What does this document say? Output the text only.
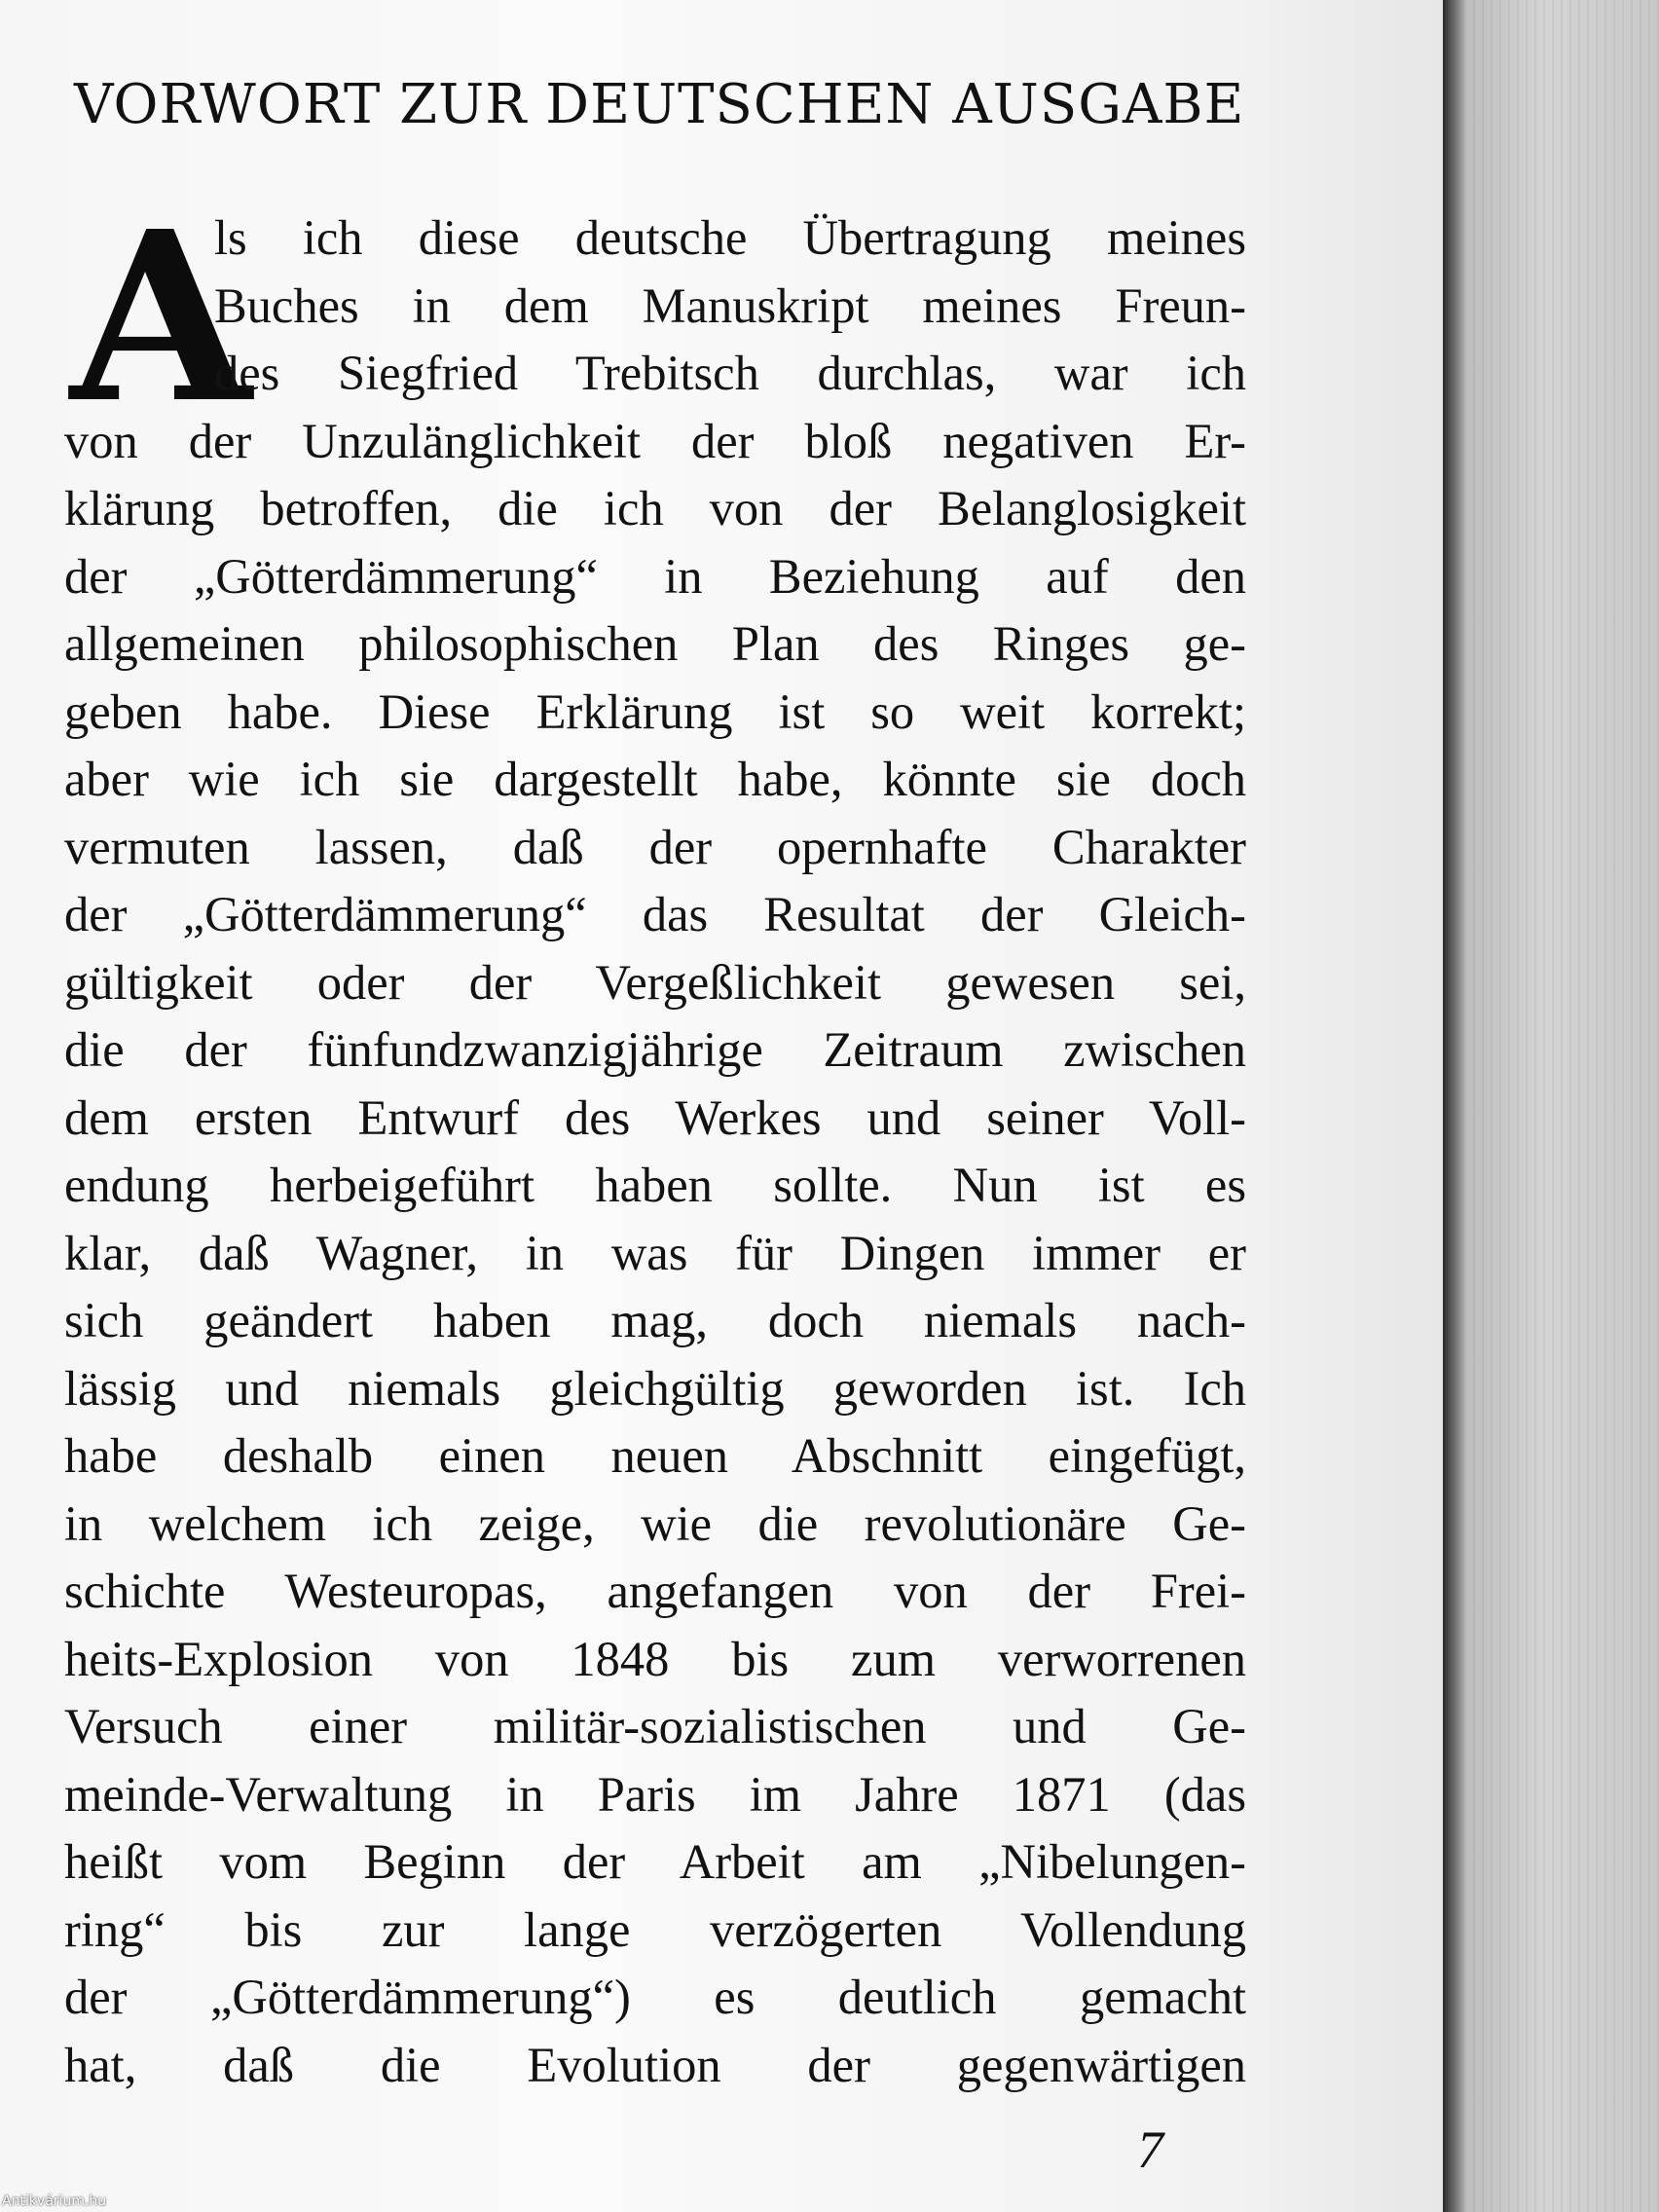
VORWORT ZUR DEUTSCHEN AUSGABE
A
ls ich diese deutsche Übertragung meines
Buches in dem Manuskript meines Freun-
des Siegfried Trebitsch durchlas, war ich
von der Unzulänglichkeit der bloß negativen Er-
klärung betroffen, die ich von der Belanglosigkeit
der „Götterdämmerung“ in Beziehung auf den
allgemeinen philosophischen Plan des Ringes ge-
geben habe. Diese Erklärung ist so weit korrekt;
aber wie ich sie dargestellt habe, könnte sie doch
vermuten lassen, daß der opernhafte Charakter
der „Götterdämmerung“ das Resultat der Gleich-
gültigkeit oder der Vergeßlichkeit gewesen sei,
die der fünfundzwanzigjährige Zeitraum zwischen
dem ersten Entwurf des Werkes und seiner Voll-
endung herbeigeführt haben sollte. Nun ist es
klar, daß Wagner, in was für Dingen immer er
sich geändert haben mag, doch niemals nach-
lässig und niemals gleichgültig geworden ist. Ich
habe deshalb einen neuen Abschnitt eingefügt,
in welchem ich zeige, wie die revolutionäre Ge-
schichte Westeuropas, angefangen von der Frei-
heits-Explosion von 1848 bis zum verworrenen
Versuch einer militär-sozialistischen und Ge-
meinde-Verwaltung in Paris im Jahre 1871 (das
heißt vom Beginn der Arbeit am „Nibelungen-
ring“ bis zur lange verzögerten Vollendung
der „Götterdämmerung“) es deutlich gemacht
hat, daß die Evolution der gegenwärtigen
7
Antikvárium.hu
